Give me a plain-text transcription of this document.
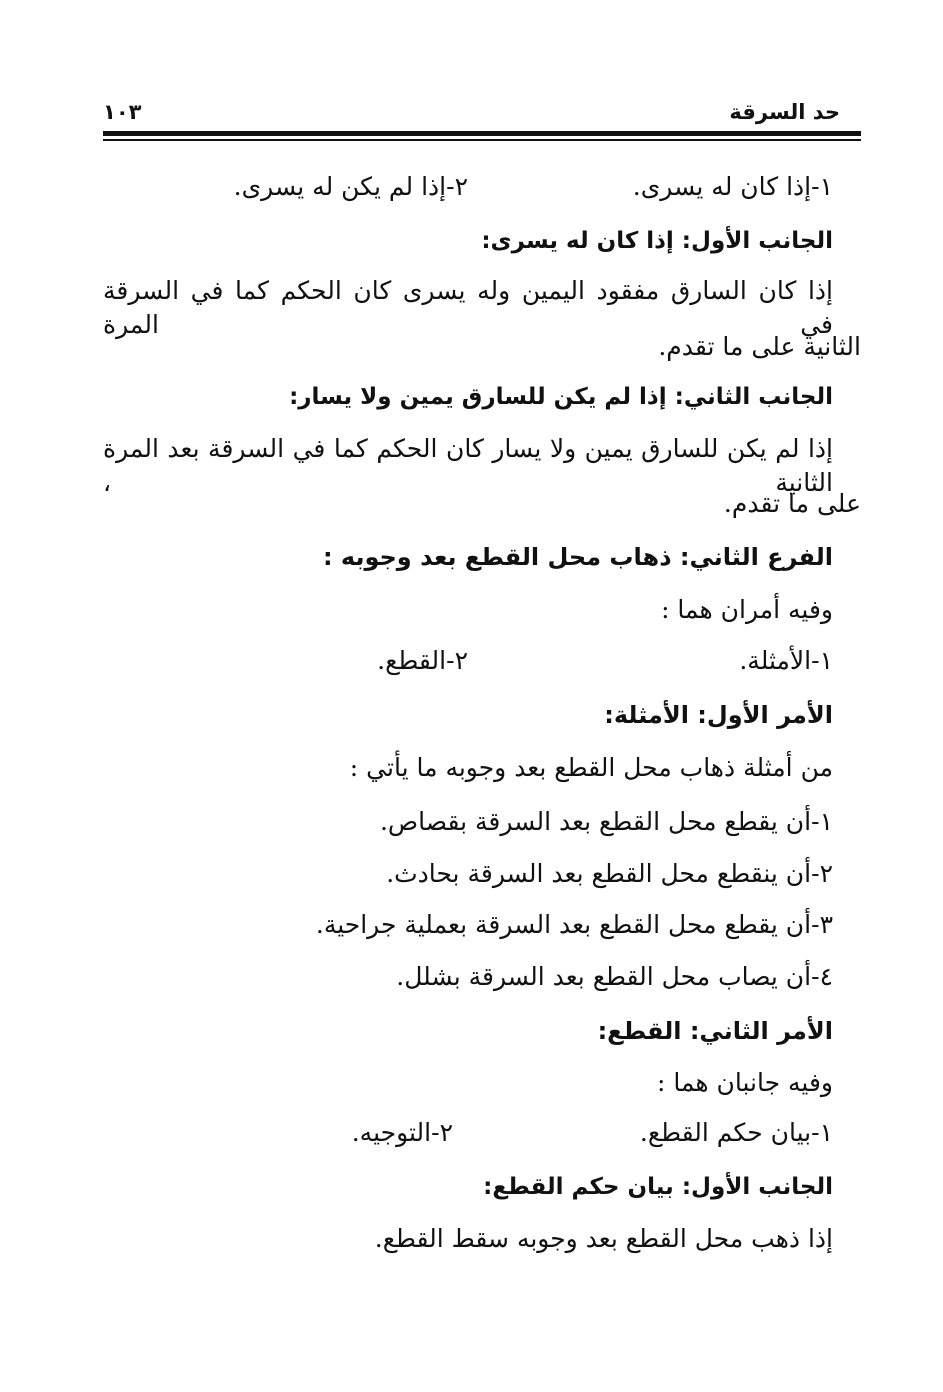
حد السرقة
١٠٣
١-إذا كان له يسرى.
٢-إذا لم يكن له يسرى.
الجانب الأول: إذا كان له يسرى:
إذا كان السارق مفقود اليمين وله يسرى كان الحكم كما في السرقة في المرة
الثانية على ما تقدم.
الجانب الثاني: إذا لم يكن للسارق يمين ولا يسار:
إذا لم يكن للسارق يمين ولا يسار كان الحكم كما في السرقة بعد المرة الثانية ،
على ما تقدم.
الفرع الثاني: ذهاب محل القطع بعد وجوبه :
وفيه أمران هما :
١-الأمثلة.
٢-القطع.
الأمر الأول: الأمثلة:
من أمثلة ذهاب محل القطع بعد وجوبه ما يأتي :
١-أن يقطع محل القطع بعد السرقة بقصاص.
٢-أن ينقطع محل القطع بعد السرقة بحادث.
٣-أن يقطع محل القطع بعد السرقة بعملية جراحية.
٤-أن يصاب محل القطع بعد السرقة بشلل.
الأمر الثاني: القطع:
وفيه جانبان هما :
١-بيان حكم القطع.
٢-التوجيه.
الجانب الأول: بيان حكم القطع:
إذا ذهب محل القطع بعد وجوبه سقط القطع.
